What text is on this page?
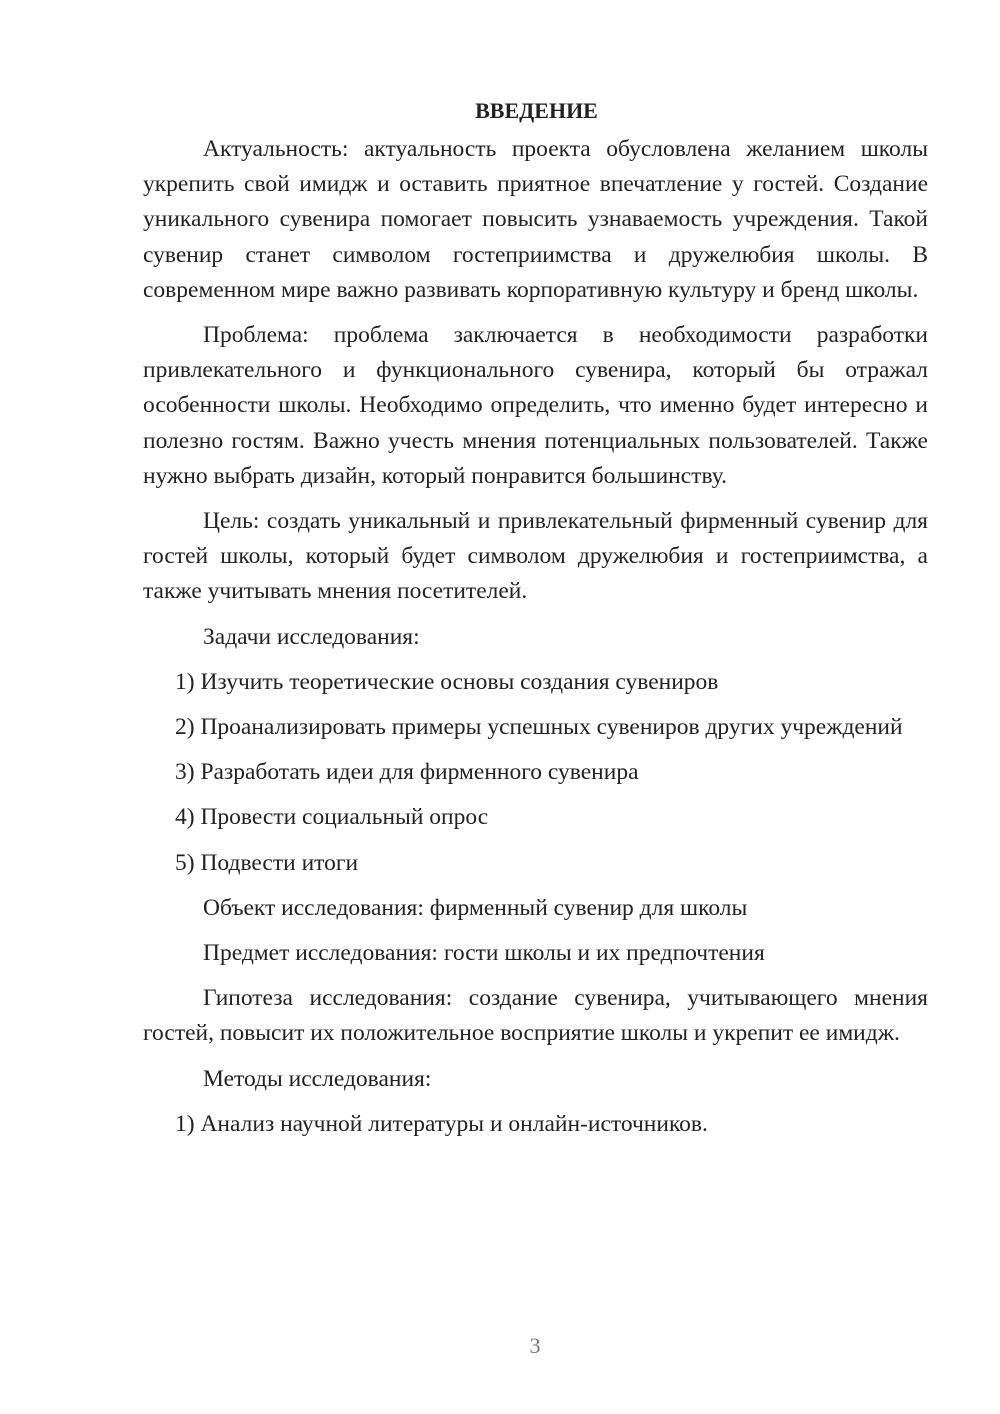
ВВЕДЕНИЕ

Актуальность: актуальность проекта обусловлена желанием школы укрепить свой имидж и оставить приятное впечатление у гостей. Создание уникального сувенира помогает повысить узнаваемость учреждения. Такой сувенир станет символом гостеприимства и дружелюбия школы. В современном мире важно развивать корпоративную культуру и бренд школы.

Проблема: проблема заключается в необходимости разработки привлекательного и функционального сувенира, который бы отражал особенности школы. Необходимо определить, что именно будет интересно и полезно гостям. Важно учесть мнения потенциальных пользователей. Также нужно выбрать дизайн, который понравится большинству.

Цель: создать уникальный и привлекательный фирменный сувенир для гостей школы, который будет символом дружелюбия и гостеприимства, а также учитывать мнения посетителей.

Задачи исследования:

1) Изучить теоретические основы создания сувениров

2) Проанализировать примеры успешных сувениров других учреждений

3) Разработать идеи для фирменного сувенира

4) Провести социальный опрос

5) Подвести итоги

Объект исследования: фирменный сувенир для школы

Предмет исследования: гости школы и их предпочтения

Гипотеза исследования: создание сувенира, учитывающего мнения гостей, повысит их положительное восприятие школы и укрепит ее имидж.

Методы исследования:

1) Анализ научной литературы и онлайн-источников.

3
